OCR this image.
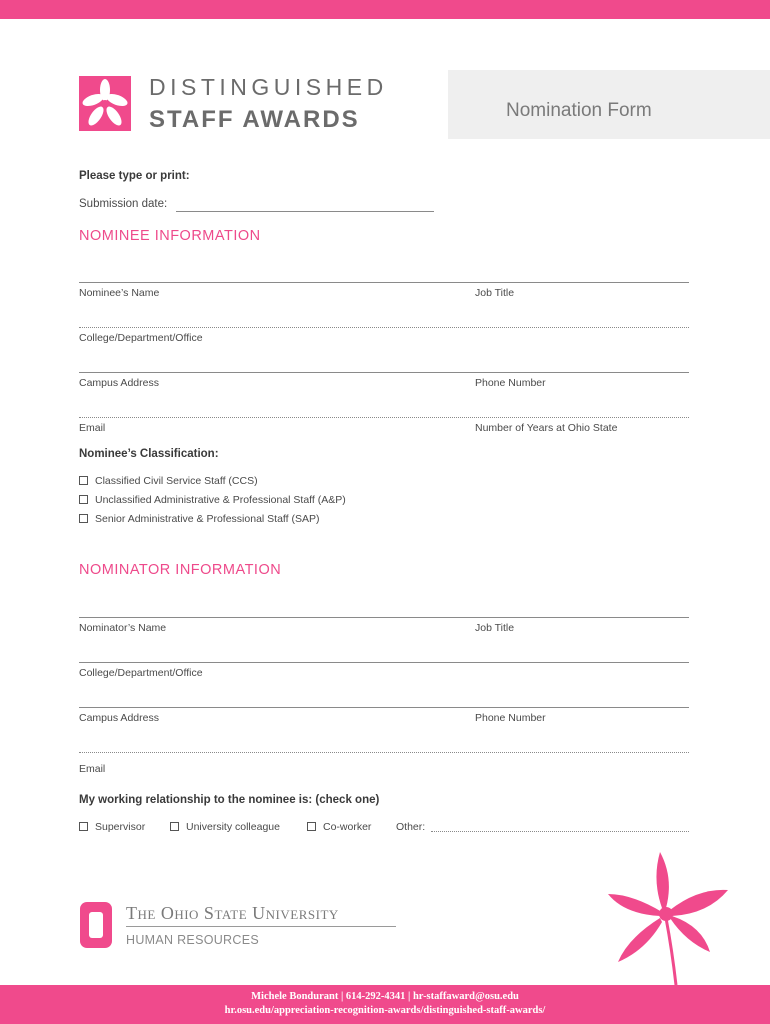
DISTINGUISHED
STAFF AWARDS	Nomination Form
Please type or print:
Submission date:
NOMINEE INFORMATION
Nominee’s Name	Job Title
College/Department/Office
Campus Address	Phone Number
Email	Number of Years at Ohio State
Nominee’s Classification:
Classified Civil Service Staff (CCS)
Unclassified Administrative & Professional Staff (A&P)
Senior Administrative & Professional Staff (SAP)
NOMINATOR INFORMATION
Nominator’s Name	Job Title
College/Department/Office
Campus Address	Phone Number
Email
My working relationship to the nominee is: (check one)
Supervisor	University colleague	Co-worker Other:
The Ohio State University
HUMAN RESOURCES
Michele Bondurant | 614-292-4341 | hr-staffaward@osu.edu
hr.osu.edu/appreciation-recognition-awards/distinguished-staff-awards/
